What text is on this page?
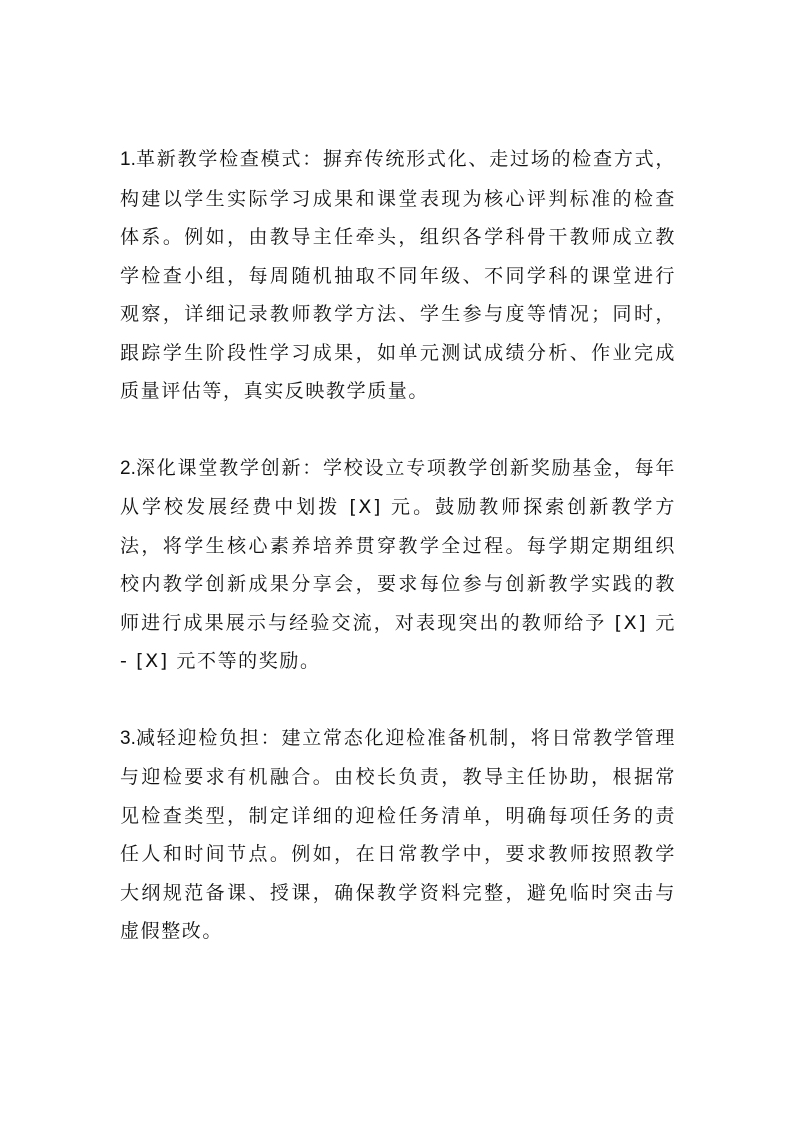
1.革新教学检查模式：摒弃传统形式化、走过场的检查方式，构建以学生实际学习成果和课堂表现为核心评判标准的检查体系。例如，由教导主任牵头，组织各学科骨干教师成立教学检查小组，每周随机抽取不同年级、不同学科的课堂进行观察，详细记录教师教学方法、学生参与度等情况；同时，跟踪学生阶段性学习成果，如单元测试成绩分析、作业完成质量评估等，真实反映教学质量。

2.深化课堂教学创新：学校设立专项教学创新奖励基金，每年从学校发展经费中划拨 [X] 元。鼓励教师探索创新教学方法，将学生核心素养培养贯穿教学全过程。每学期定期组织校内教学创新成果分享会，要求每位参与创新教学实践的教师进行成果展示与经验交流，对表现突出的教师给予 [X] 元 - [X] 元不等的奖励。

3.减轻迎检负担：建立常态化迎检准备机制，将日常教学管理与迎检要求有机融合。由校长负责，教导主任协助，根据常见检查类型，制定详细的迎检任务清单，明确每项任务的责任人和时间节点。例如，在日常教学中，要求教师按照教学大纲规范备课、授课，确保教学资料完整，避免临时突击与虚假整改。
